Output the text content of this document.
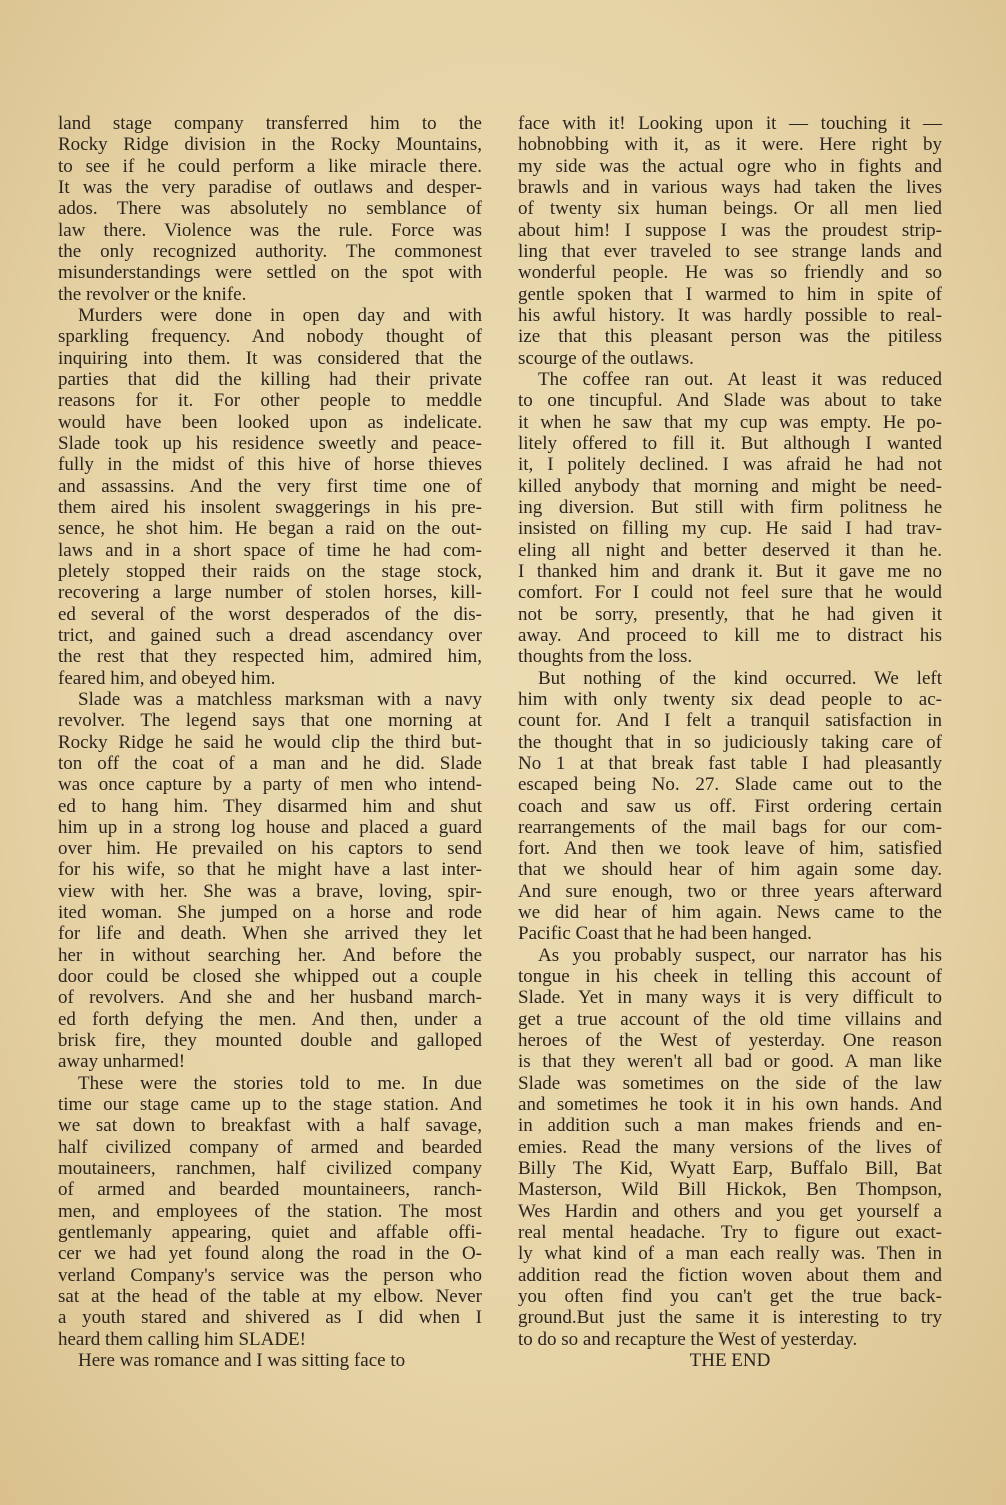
land stage company transferred him to the
Rocky Ridge division in the Rocky Mountains,
to see if he could perform a like miracle there.
It was the very paradise of outlaws and desper-
ados. There was absolutely no semblance of
law there. Violence was the rule. Force was
the only recognized authority. The commonest
misunderstandings were settled on the spot with
the revolver or the knife.
Murders were done in open day and with
sparkling frequency. And nobody thought of
inquiring into them. It was considered that the
parties that did the killing had their private
reasons for it. For other people to meddle
would have been looked upon as indelicate.
Slade took up his residence sweetly and peace-
fully in the midst of this hive of horse thieves
and assassins. And the very first time one of
them aired his insolent swaggerings in his pre-
sence, he shot him. He began a raid on the out-
laws and in a short space of time he had com-
pletely stopped their raids on the stage stock,
recovering a large number of stolen horses, kill-
ed several of the worst desperados of the dis-
trict, and gained such a dread ascendancy over
the rest that they respected him, admired him,
feared him, and obeyed him.
Slade was a matchless marksman with a navy
revolver. The legend says that one morning at
Rocky Ridge he said he would clip the third but-
ton off the coat of a man and he did. Slade
was once capture by a party of men who intend-
ed to hang him. They disarmed him and shut
him up in a strong log house and placed a guard
over him. He prevailed on his captors to send
for his wife, so that he might have a last inter-
view with her. She was a brave, loving, spir-
ited woman. She jumped on a horse and rode
for life and death. When she arrived they let
her in without searching her. And before the
door could be closed she whipped out a couple
of revolvers. And she and her husband march-
ed forth defying the men. And then, under a
brisk fire, they mounted double and galloped
away unharmed!
These were the stories told to me. In due
time our stage came up to the stage station. And
we sat down to breakfast with a half savage,
half civilized company of armed and bearded
moutaineers, ranchmen, half civilized company
of armed and bearded mountaineers, ranch-
men, and employees of the station. The most
gentlemanly appearing, quiet and affable offi-
cer we had yet found along the road in the O-
verland Company's service was the person who
sat at the head of the table at my elbow. Never
a youth stared and shivered as I did when I
heard them calling him SLADE!
Here was romance and I was sitting face to
face with it! Looking upon it — touching it —
hobnobbing with it, as it were. Here right by
my side was the actual ogre who in fights and
brawls and in various ways had taken the lives
of twenty six human beings. Or all men lied
about him! I suppose I was the proudest strip-
ling that ever traveled to see strange lands and
wonderful people. He was so friendly and so
gentle spoken that I warmed to him in spite of
his awful history. It was hardly possible to real-
ize that this pleasant person was the pitiless
scourge of the outlaws.
The coffee ran out. At least it was reduced
to one tincupful. And Slade was about to take
it when he saw that my cup was empty. He po-
litely offered to fill it. But although I wanted
it, I politely declined. I was afraid he had not
killed anybody that morning and might be need-
ing diversion. But still with firm politness he
insisted on filling my cup. He said I had trav-
eling all night and better deserved it than he.
I thanked him and drank it. But it gave me no
comfort. For I could not feel sure that he would
not be sorry, presently, that he had given it
away. And proceed to kill me to distract his
thoughts from the loss.
But nothing of the kind occurred. We left
him with only twenty six dead people to ac-
count for. And I felt a tranquil satisfaction in
the thought that in so judiciously taking care of
No 1 at that break fast table I had pleasantly
escaped being No. 27. Slade came out to the
coach and saw us off. First ordering certain
rearrangements of the mail bags for our com-
fort. And then we took leave of him, satisfied
that we should hear of him again some day.
And sure enough, two or three years afterward
we did hear of him again. News came to the
Pacific Coast that he had been hanged.
As you probably suspect, our narrator has his
tongue in his cheek in telling this account of
Slade. Yet in many ways it is very difficult to
get a true account of the old time villains and
heroes of the West of yesterday. One reason
is that they weren't all bad or good. A man like
Slade was sometimes on the side of the law
and sometimes he took it in his own hands. And
in addition such a man makes friends and en-
emies. Read the many versions of the lives of
Billy The Kid, Wyatt Earp, Buffalo Bill, Bat
Masterson, Wild Bill Hickok, Ben Thompson,
Wes Hardin and others and you get yourself a
real mental headache. Try to figure out exact-
ly what kind of a man each really was. Then in
addition read the fiction woven about them and
you often find you can't get the true back-
ground.But just the same it is interesting to try
to do so and recapture the West of yesterday.
THE END
